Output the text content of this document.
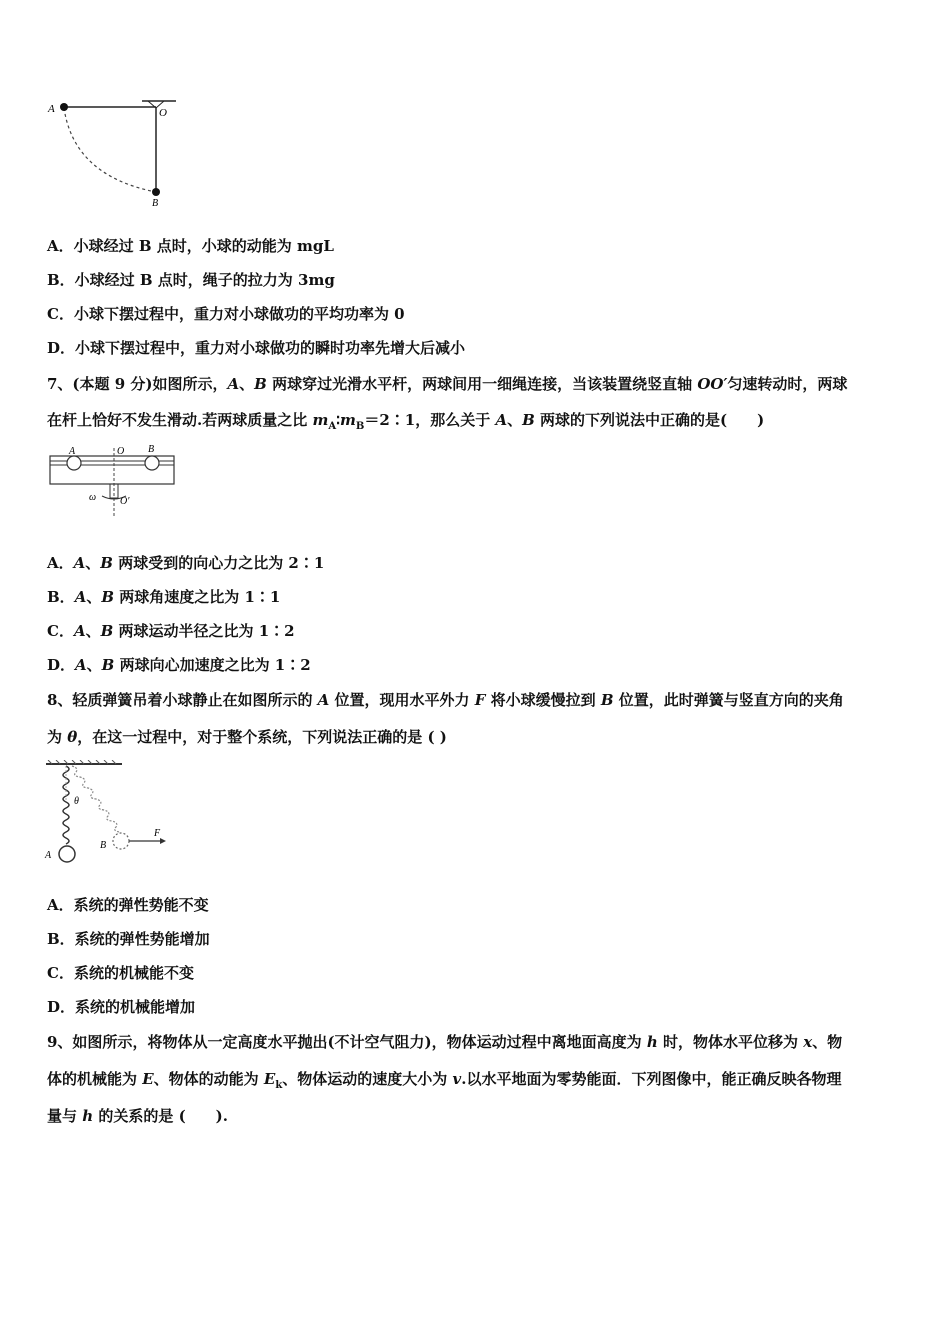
A	O
B
A．小球经过 B 点时，小球的动能为 mgL
B．小球经过 B 点时，绳子的拉力为 3mg
C．小球下摆过程中，重力对小球做功的平均功率为 0
D．小球下摆过程中，重力对小球做功的瞬时功率先增大后减小
7、(本题 9 分)如图所示，A、B 两球穿过光滑水平杆，两球间用一细绳连接，当该装置绕竖直轴 OO′匀速转动时，两球
在杆上恰好不发生滑动.若两球质量之比 $m_A∶m_B=2∶1$，那么关于 A、B 两球的下列说法中正确的是(　　)
A	O B
ω O′
A．A、B 两球受到的向心力之比为 2∶1
B．A、B 两球角速度之比为 1∶1
C．A、B 两球运动半径之比为 1∶2
D．A、B 两球向心加速度之比为 1∶2
8、轻质弹簧吊着小球静止在如图所示的 A 位置，现用水平外力 F 将小球缓慢拉到 B 位置，此时弹簧与竖直方向的夹角
为 θ，在这一过程中，对于整个系统，下列说法正确的是 ( )
θ
A
B
F
A．系统的弹性势能不变
B．系统的弹性势能增加
C．系统的机械能不变
D．系统的机械能增加
9、如图所示，将物体从一定高度水平抛出(不计空气阻力)，物体运动过程中离地面高度为 h 时，物体水平位移为 x、物
体的机械能为 E、物体的动能为 $E_k$、物体运动的速度大小为 v.以水平地面为零势能面．下列图像中，能正确反映各物理
量与 h 的关系的是 (　　).
